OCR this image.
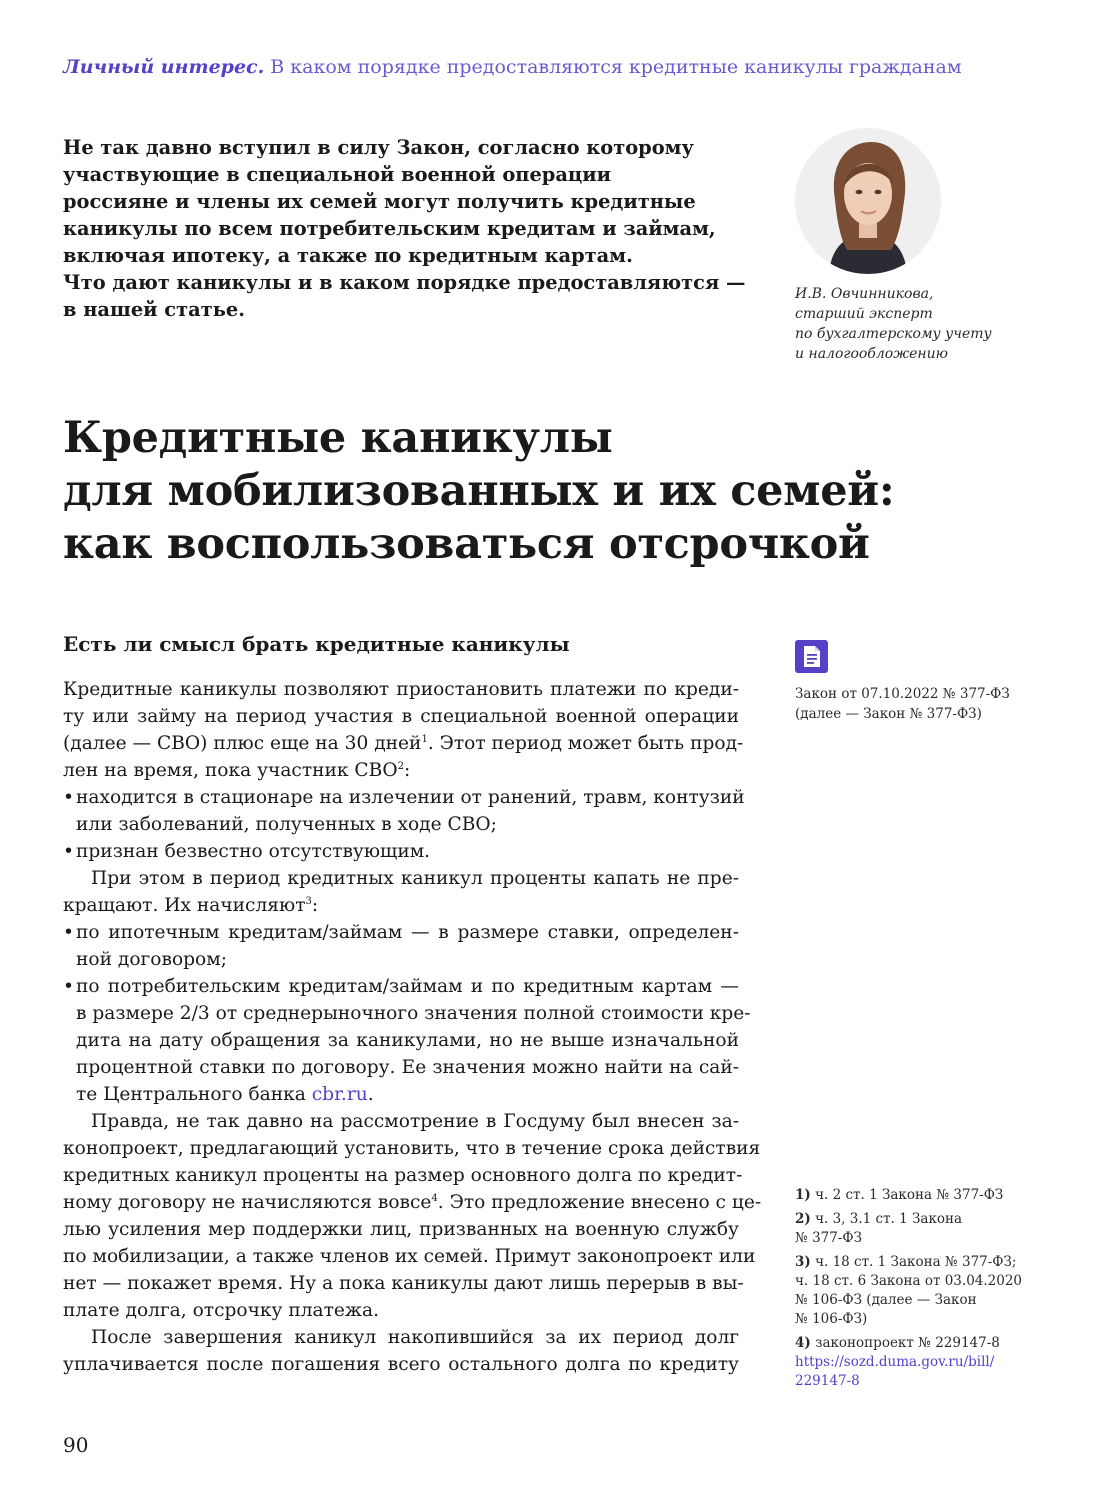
Личный интерес. В каком порядке предоставляются кредитные каникулы гражданам

Не так давно вступил в силу Закон, согласно которому
участвующие в специальной военной операции
россияне и члены их семей могут получить кредитные
каникулы по всем потребительским кредитам и займам,
включая ипотеку, а также по кредитным картам.
Что дают каникулы и в каком порядке предоставляются —
в нашей статье.

И.В. Овчинникова,
старший эксперт
по бухгалтерскому учету
и налогообложению
Кредитные каникулы
для мобилизованных и их семей:
как воспользоваться отсрочкой
Есть ли смысл брать кредитные каникулы
Закон от 07.10.2022 № 377-ФЗ
(далее — Закон № 377-ФЗ)
Кредитные каникулы позволяют приостановить платежи по креди-
ту или займу на период участия в специальной военной операции
(далее — СВО) плюс еще на 30 дней$^1$. Этот период может быть прод-
лен на время, пока участник СВО$^2$:
• находится в стационаре на излечении от ранений, травм, контузий
или заболеваний, полученных в ходе СВО;
• признан безвестно отсутствующим.
При этом в период кредитных каникул проценты капать не пре-
кращают. Их начисляют$^3$:
• по ипотечным кредитам/займам — в размере ставки, определен-
ной договором;
• по потребительским кредитам/займам и по кредитным картам —
в размере 2/3 от среднерыночного значения полной стоимости кре-
дита на дату обращения за каникулами, но не выше изначальной
процентной ставки по договору. Ее значения можно найти на сай-
те Центрального банка cbr.ru.
Правда, не так давно на рассмотрение в Госдуму был внесен за-
конопроект, предлагающий установить, что в течение срока действия
кредитных каникул проценты на размер основного долга по кредит-
ному договору не начисляются вовсе$^4$. Это предложение внесено с це-
лью усиления мер поддержки лиц, призванных на военную службу
по мобилизации, а также членов их семей. Примут законопроект или
нет — покажет время. Ну а пока каникулы дают лишь перерыв в вы-
плате долга, отсрочку платежа.
После завершения каникул накопившийся за их период долг
уплачивается после погашения всего остального долга по кредиту
1) ч. 2 ст. 1 Закона № 377-ФЗ
2) ч. 3, 3.1 ст. 1 Закона
№ 377-ФЗ
3) ч. 18 ст. 1 Закона № 377-ФЗ;
ч. 18 ст. 6 Закона от 03.04.2020
№ 106-ФЗ (далее — Закон
№ 106-ФЗ)
4) законопроект № 229147-8
https://sozd.duma.gov.ru/bill/
229147-8
90
